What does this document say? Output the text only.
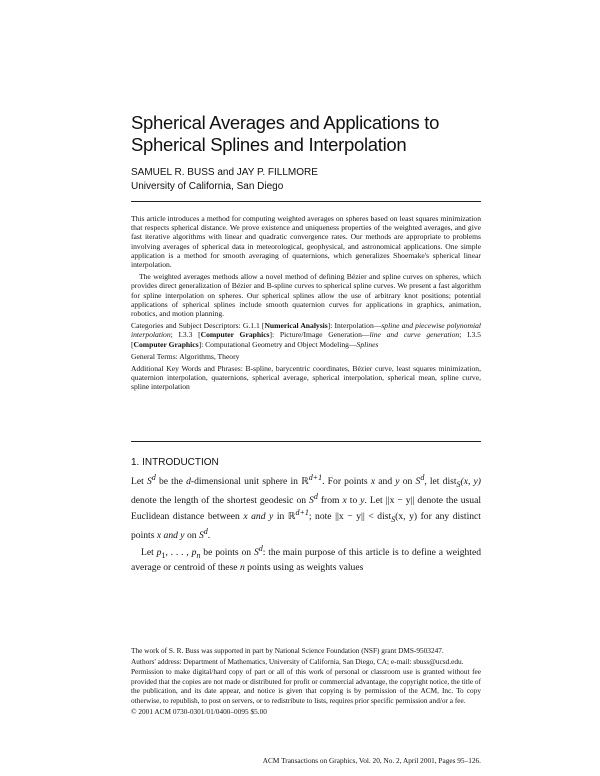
Spherical Averages and Applications to
Spherical Splines and Interpolation
SAMUEL R. BUSS and JAY P. FILLMORE
University of California, San Diego

This article introduces a method for computing weighted averages on spheres based on least squares minimization that respects spherical distance. We prove existence and uniqueness properties of the weighted averages, and give fast iterative algorithms with linear and quadratic convergence rates. Our methods are appropriate to problems involving averages of spherical data in meteorological, geophysical, and astronomical applications. One simple application is a method for smooth averaging of quaternions, which generalizes Shoemake's spherical linear interpolation.

The weighted averages methods allow a novel method of defining Bézier and spline curves on spheres, which provides direct generalization of Bézier and B-spline curves to spherical spline curves. We present a fast algorithm for spline interpolation on spheres. Our spherical splines allow the use of arbitrary knot positions; potential applications of spherical splines include smooth quaternion curves for applications in graphics, animation, robotics, and motion planning.

Categories and Subject Descriptors: G.1.1 [Numerical Analysis]: Interpolation—spline and piecewise polynomial interpolation; I.3.3 [Computer Graphics]: Picture/Image Generation—line and curve generation; I.3.5 [Computer Graphics]: Computational Geometry and Object Modeling—Splines

General Terms: Algorithms, Theory

Additional Key Words and Phrases: B-spline, barycentric coordinates, Bézier curve, least squares minimization, quaternion interpolation, quaternions, spherical average, spherical interpolation, spherical mean, spline curve, spline interpolation

1. INTRODUCTION

Let $S^d$ be the d-dimensional unit sphere in ℝ$^{d+1}$. For points x and y on $S^d$, let dist$_S$(x, y) denote the length of the shortest geodesic on $S^d$ from x to y. Let ||x − y|| denote the usual Euclidean distance between x and y in ℝ$^{d+1}$; note ||x − y|| < dist$_S$(x, y) for any distinct points x and y on $S^d$.

Let $p_1$, . . . , $p_n$ be points on $S^d$: the main purpose of this article is to define a weighted average or centroid of these n points using as weights values

The work of S. R. Buss was supported in part by National Science Foundation (NSF) grant DMS-9503247.

Authors' address: Department of Mathematics, University of California, San Diego, CA; e-mail: sbuss@ucsd.edu.

Permission to make digital/hard copy of part or all of this work of personal or classroom use is granted without fee provided that the copies are not made or distributed for profit or commercial advantage, the copyright notice, the title of the publication, and its date appear, and notice is given that copying is by permission of the ACM, Inc. To copy otherwise, to republish, to post on servers, or to redistribute to lists, requires prior specific permission and/or a fee.

© 2001 ACM 0730-0301/01/0400–0095 $5.00

ACM Transactions on Graphics, Vol. 20, No. 2, April 2001, Pages 95–126.
